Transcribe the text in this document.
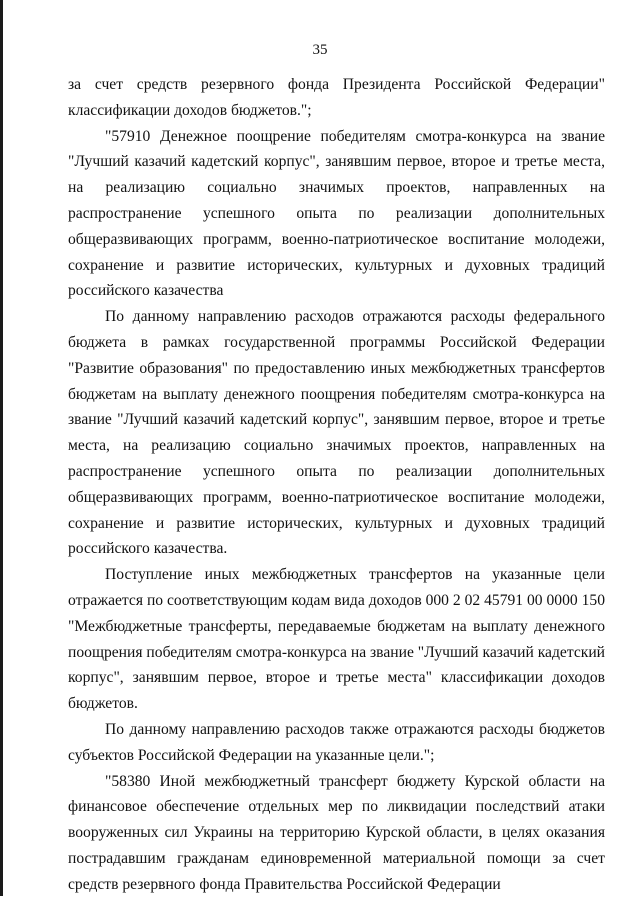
35

за счет средств резервного фонда Президента Российской Федерации" классификации доходов бюджетов.";

"57910 Денежное поощрение победителям смотра-конкурса на звание "Лучший казачий кадетский корпус", занявшим первое, второе и третье места, на реализацию социально значимых проектов, направленных на распространение успешного опыта по реализации дополнительных общеразвивающих программ, военно-патриотическое воспитание молодежи, сохранение и развитие исторических, культурных и духовных традиций российского казачества

По данному направлению расходов отражаются расходы федерального бюджета в рамках государственной программы Российской Федерации "Развитие образования" по предоставлению иных межбюджетных трансфертов бюджетам на выплату денежного поощрения победителям смотра-конкурса на звание "Лучший казачий кадетский корпус", занявшим первое, второе и третье места, на реализацию социально значимых проектов, направленных на распространение успешного опыта по реализации дополнительных общеразвивающих программ, военно-патриотическое воспитание молодежи, сохранение и развитие исторических, культурных и духовных традиций российского казачества.

Поступление иных межбюджетных трансфертов на указанные цели отражается по соответствующим кодам вида доходов 000 2 02 45791 00 0000 150 "Межбюджетные трансферты, передаваемые бюджетам на выплату денежного поощрения победителям смотра-конкурса на звание "Лучший казачий кадетский корпус", занявшим первое, второе и третье места" классификации доходов бюджетов.

По данному направлению расходов также отражаются расходы бюджетов субъектов Российской Федерации на указанные цели.";

"58380 Иной межбюджетный трансферт бюджету Курской области на финансовое обеспечение отдельных мер по ликвидации последствий атаки вооруженных сил Украины на территорию Курской области, в целях оказания пострадавшим гражданам единовременной материальной помощи за счет средств резервного фонда Правительства Российской Федерации
